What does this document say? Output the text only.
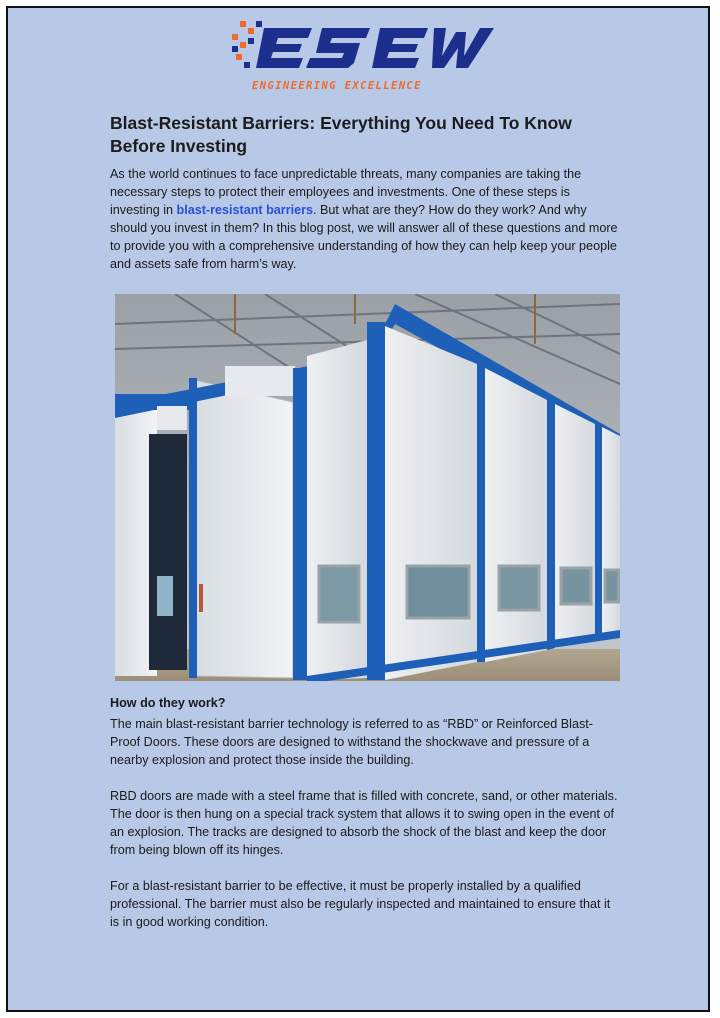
ENGINEERING EXCELLENCE
Blast-Resistant Barriers: Everything You Need To Know Before Investing

As the world continues to face unpredictable threats, many companies are taking the necessary steps to protect their employees and investments. One of these steps is investing in blast-resistant barriers. But what are they? How do they work? And why should you invest in them? In this blog post, we will answer all of these questions and more to provide you with a comprehensive understanding of how they can help keep your people and assets safe from harm’s way.

How do they work?

The main blast-resistant barrier technology is referred to as “RBD” or Reinforced Blast-Proof Doors. These doors are designed to withstand the shockwave and pressure of a nearby explosion and protect those inside the building.

RBD doors are made with a steel frame that is filled with concrete, sand, or other materials. The door is then hung on a special track system that allows it to swing open in the event of an explosion. The tracks are designed to absorb the shock of the blast and keep the door from being blown off its hinges.

For a blast-resistant barrier to be effective, it must be properly installed by a qualified professional. The barrier must also be regularly inspected and maintained to ensure that it is in good working condition.
